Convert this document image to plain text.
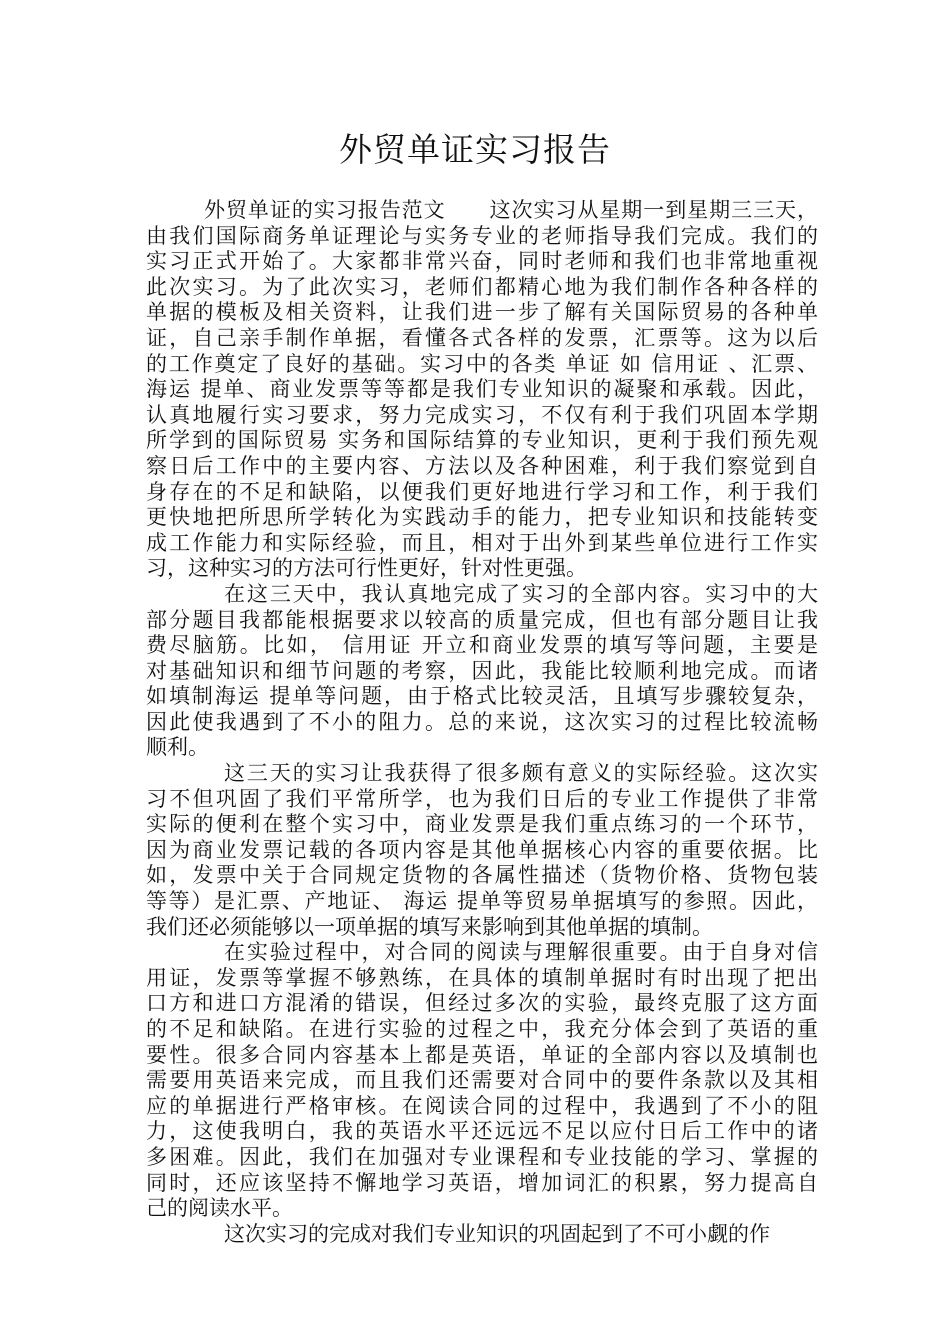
外贸单证实习报告
外贸单证的实习报告范文　　这次实习从星期一到星期三三天，
由我们国际商务单证理论与实务专业的老师指导我们完成。我们的
实习正式开始了。大家都非常兴奋，同时老师和我们也非常地重视
此次实习。为了此次实习，老师们都精心地为我们制作各种各样的
单据的模板及相关资料，让我们进一步了解有关国际贸易的各种单
证，自己亲手制作单据，看懂各式各样的发票，汇票等。这为以后
的工作奠定了良好的基础。实习中的各类 单证 如 信用证 、汇票、
海运 提单、商业发票等等都是我们专业知识的凝聚和承载。因此，
认真地履行实习要求，努力完成实习，不仅有利于我们巩固本学期
所学到的国际贸易 实务和国际结算的专业知识，更利于我们预先观
察日后工作中的主要内容、方法以及各种困难，利于我们察觉到自
身存在的不足和缺陷，以便我们更好地进行学习和工作，利于我们
更快地把所思所学转化为实践动手的能力，把专业知识和技能转变
成工作能力和实际经验，而且，相对于出外到某些单位进行工作实
习，这种实习的方法可行性更好，针对性更强。
在这三天中，我认真地完成了实习的全部内容。实习中的大
部分题目我都能根据要求以较高的质量完成，但也有部分题目让我
费尽脑筋。比如， 信用证 开立和商业发票的填写等问题，主要是
对基础知识和细节问题的考察，因此，我能比较顺利地完成。而诸
如填制海运 提单等问题，由于格式比较灵活，且填写步骤较复杂，
因此使我遇到了不小的阻力。总的来说，这次实习的过程比较流畅
顺利。
这三天的实习让我获得了很多颇有意义的实际经验。这次实
习不但巩固了我们平常所学，也为我们日后的专业工作提供了非常
实际的便利在整个实习中，商业发票是我们重点练习的一个环节，
因为商业发票记载的各项内容是其他单据核心内容的重要依据。比
如，发票中关于合同规定货物的各属性描述（货物价格、货物包装
等等）是汇票、产地证、 海运 提单等贸易单据填写的参照。因此，
我们还必须能够以一项单据的填写来影响到其他单据的填制。
在实验过程中，对合同的阅读与理解很重要。由于自身对信
用证，发票等掌握不够熟练，在具体的填制单据时有时出现了把出
口方和进口方混淆的错误，但经过多次的实验，最终克服了这方面
的不足和缺陷。在进行实验的过程之中，我充分体会到了英语的重
要性。很多合同内容基本上都是英语，单证的全部内容以及填制也
需要用英语来完成，而且我们还需要对合同中的要件条款以及其相
应的单据进行严格审核。在阅读合同的过程中，我遇到了不小的阻
力，这使我明白，我的英语水平还远远不足以应付日后工作中的诸
多困难。因此，我们在加强对专业课程和专业技能的学习、掌握的
同时，还应该坚持不懈地学习英语，增加词汇的积累，努力提高自
己的阅读水平。
这次实习的完成对我们专业知识的巩固起到了不可小觑的作
